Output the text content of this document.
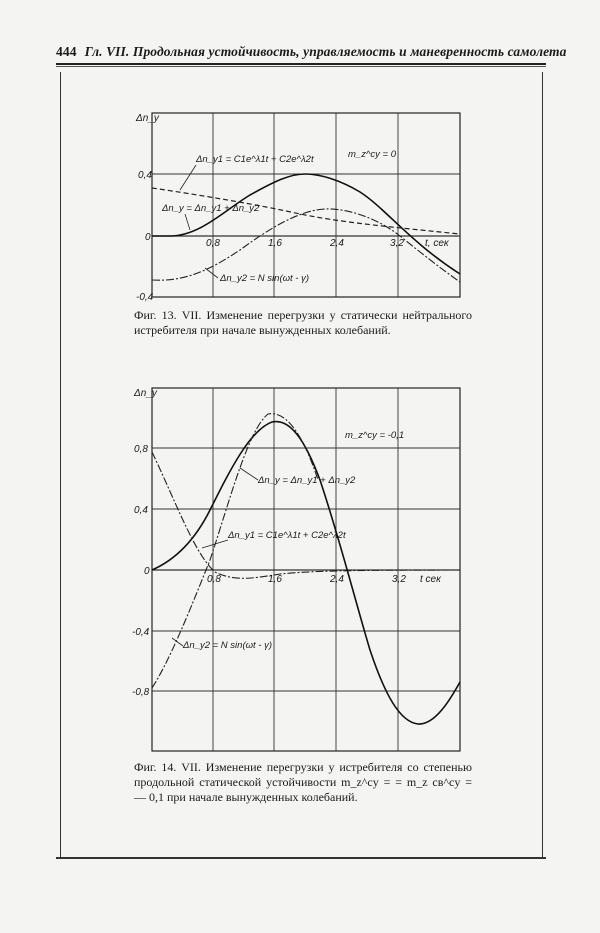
444 Гл. VII. Продольная устойчивость, управляемость и маневренность самолета
Δn_y
0,4
0
-0,4
0,8	1,6	2,4	3,2 t, сек
m_z^cy = 0
Δn_y1 = C1e^λ1t + C2e^λ2t
Δn_y = Δn_y1 + Δn_y2
Δn_y2 = N sin(ωt - γ)
Δn_y
0,8
0,4
0
-0,4
-0,8
0,8	1,6	2,4	3,2 t сек
m_z^cy = -0,1
Δn_y = Δn_y1 + Δn_y2
Δn_y1 = C1e^λ1t + C2e^λ2t
Δn_y2 = N sin(ωt - γ)
Фиг. 13. VII. Изменение перегрузки у статически нейтрального истребителя при начале вынужденных колебаний.
Фиг. 14. VII. Изменение перегрузки у истребителя со степенью продольной статической устойчивости m_z^cy = = m_z св^cy = — 0,1 при начале вынужденных колебаний.
